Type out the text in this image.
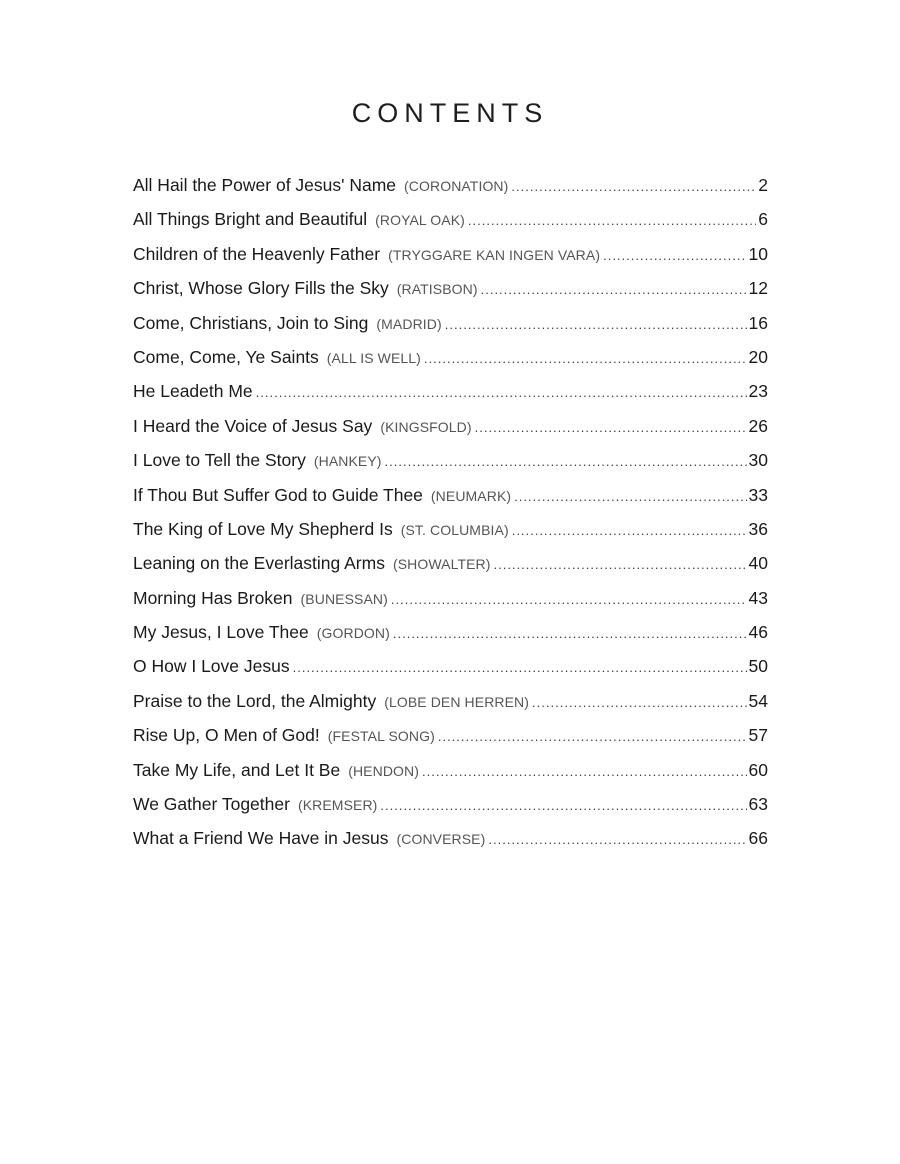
CONTENTS
All Hail the Power of Jesus' Name (CORONATION) .....	2
All Things Bright and Beautiful (ROYAL OAK) .....	6
Children of the Heavenly Father (TRYGGARE KAN INGEN VARA) .....	10
Christ, Whose Glory Fills the Sky (RATISBON) .....	12
Come, Christians, Join to Sing (MADRID) .....	16
Come, Come, Ye Saints (ALL IS WELL) .....	20
He Leadeth Me .....	23
I Heard the Voice of Jesus Say (KINGSFOLD) .....	26
I Love to Tell the Story (HANKEY) .....	30
If Thou But Suffer God to Guide Thee (NEUMARK) .....	33
The King of Love My Shepherd Is (ST. COLUMBIA) .....	36
Leaning on the Everlasting Arms (SHOWALTER) .....	40
Morning Has Broken (BUNESSAN) .....	43
My Jesus, I Love Thee (GORDON) .....	46
O How I Love Jesus .....	50
Praise to the Lord, the Almighty (LOBE DEN HERREN) .....	54
Rise Up, O Men of God! (FESTAL SONG) .....	57
Take My Life, and Let It Be (HENDON) .....	60
We Gather Together (KREMSER) .....	63
What a Friend We Have in Jesus (CONVERSE) .....	66
